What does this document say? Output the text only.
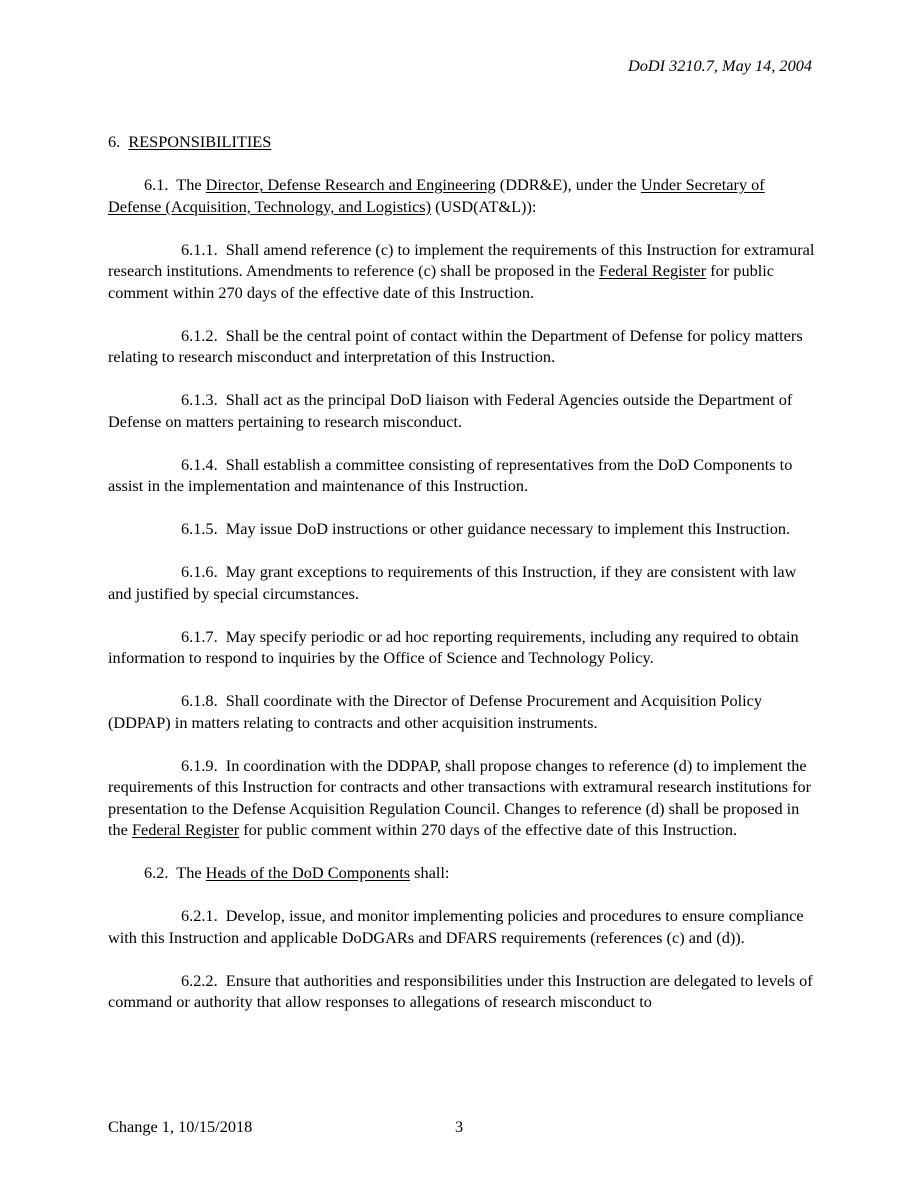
DoDI 3210.7, May 14, 2004

6. RESPONSIBILITIES

6.1. The Director, Defense Research and Engineering (DDR&E), under the Under Secretary of Defense (Acquisition, Technology, and Logistics) (USD(AT&L)):

6.1.1. Shall amend reference (c) to implement the requirements of this Instruction for extramural research institutions. Amendments to reference (c) shall be proposed in the Federal Register for public comment within 270 days of the effective date of this Instruction.

6.1.2. Shall be the central point of contact within the Department of Defense for policy matters relating to research misconduct and interpretation of this Instruction.

6.1.3. Shall act as the principal DoD liaison with Federal Agencies outside the Department of Defense on matters pertaining to research misconduct.

6.1.4. Shall establish a committee consisting of representatives from the DoD Components to assist in the implementation and maintenance of this Instruction.

6.1.5. May issue DoD instructions or other guidance necessary to implement this Instruction.

6.1.6. May grant exceptions to requirements of this Instruction, if they are consistent with law and justified by special circumstances.

6.1.7. May specify periodic or ad hoc reporting requirements, including any required to obtain information to respond to inquiries by the Office of Science and Technology Policy.

6.1.8. Shall coordinate with the Director of Defense Procurement and Acquisition Policy (DDPAP) in matters relating to contracts and other acquisition instruments.

6.1.9. In coordination with the DDPAP, shall propose changes to reference (d) to implement the requirements of this Instruction for contracts and other transactions with extramural research institutions for presentation to the Defense Acquisition Regulation Council. Changes to reference (d) shall be proposed in the Federal Register for public comment within 270 days of the effective date of this Instruction.

6.2. The Heads of the DoD Components shall:

6.2.1. Develop, issue, and monitor implementing policies and procedures to ensure compliance with this Instruction and applicable DoDGARs and DFARS requirements (references (c) and (d)).

6.2.2. Ensure that authorities and responsibilities under this Instruction are delegated to levels of command or authority that allow responses to allegations of research misconduct to

Change 1, 10/15/2018	3
